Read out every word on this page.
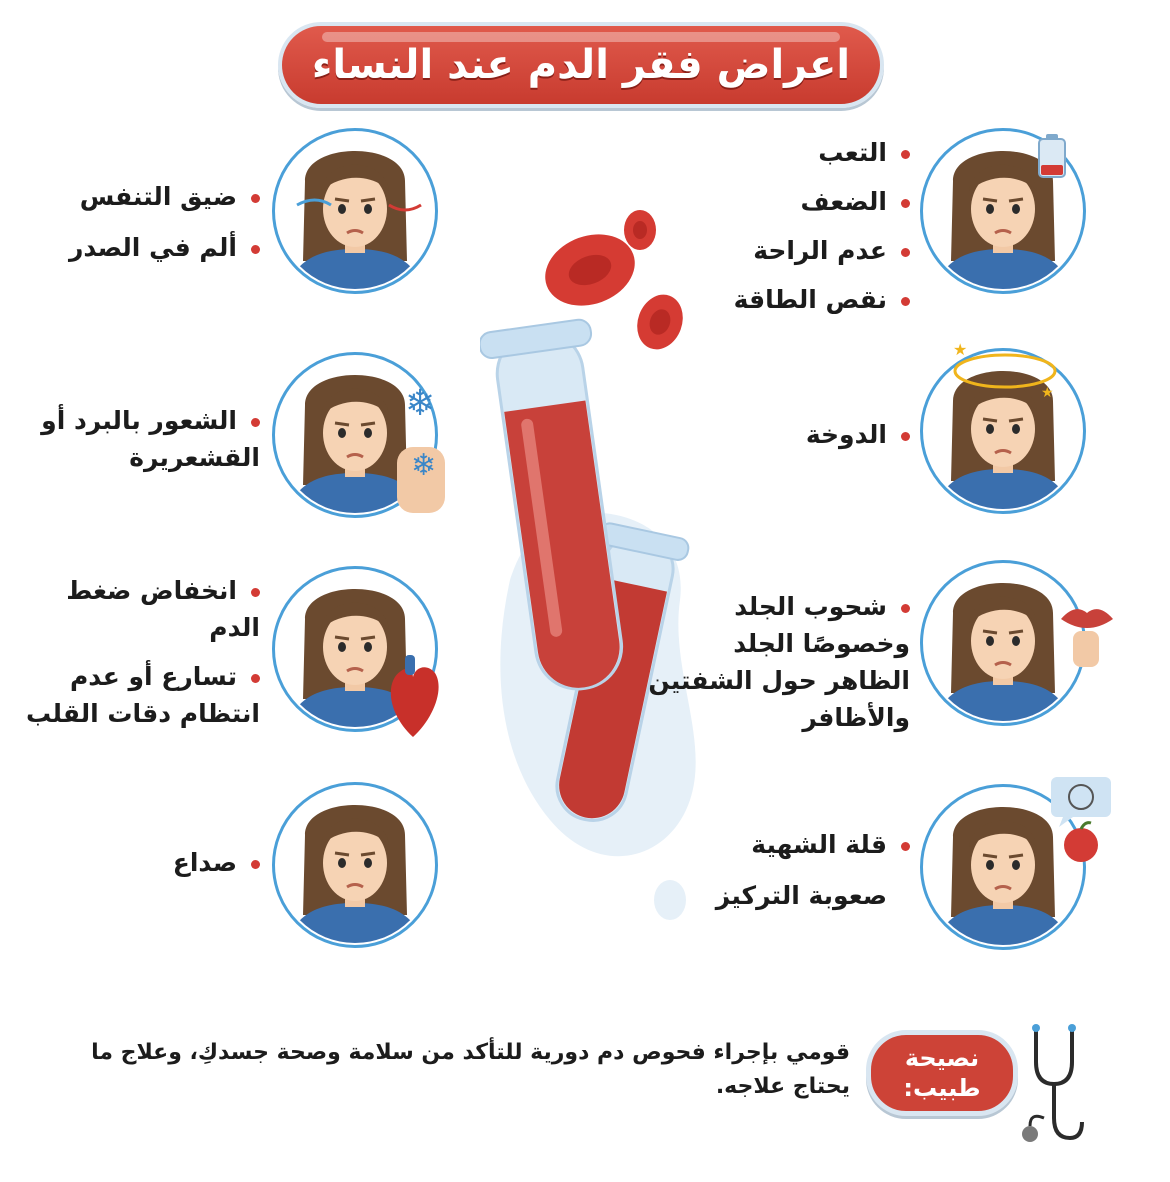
اعراض فقر الدم عند النساء
★
★
❄
❄
التعب
الضعف
عدم الراحة
نقص الطاقة
الدوخة
شحوب الجلد وخصوصًا الجلد الظاهر حول الشفتين والأظافر
قلة الشهية
صعوبة التركيز
ضيق التنفس
ألم في الصدر
الشعور بالبرد أو القشعريرة
انخفاض ضغط الدم
تسارع أو عدم انتظام دقات القلب
صداع
قومي بإجراء فحوص دم دورية للتأكد من سلامة وصحة جسدكِ، وعلاج ما يحتاج علاجه.
نصيحة طبيب:
